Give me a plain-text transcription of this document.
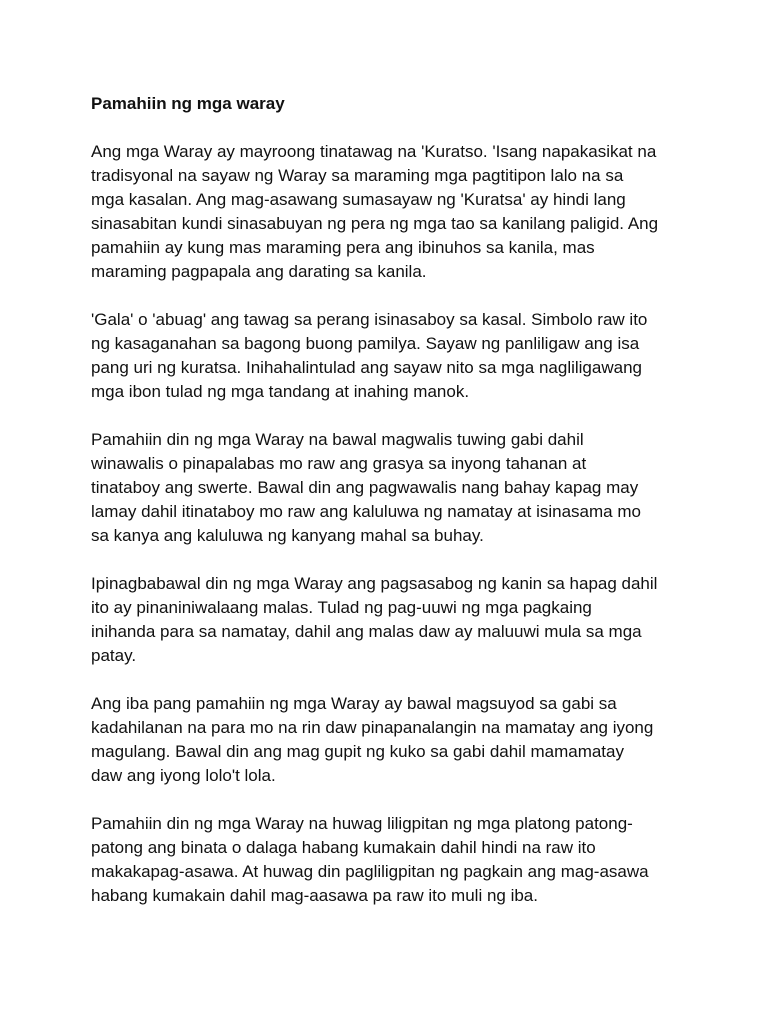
Pamahiin ng mga waray
Ang mga Waray ay mayroong tinatawag na 'Kuratso. 'Isang napakasikat na
tradisyonal na sayaw ng Waray sa maraming mga pagtitipon lalo na sa
mga kasalan. Ang mag-asawang sumasayaw ng 'Kuratsa' ay hindi lang
sinasabitan kundi sinasabuyan ng pera ng mga tao sa kanilang paligid. Ang
pamahiin ay kung mas maraming pera ang ibinuhos sa kanila, mas
maraming pagpapala ang darating sa kanila.
'Gala' o 'abuag' ang tawag sa perang isinasaboy sa kasal. Simbolo raw ito
ng kasaganahan sa bagong buong pamilya. Sayaw ng panliligaw ang isa
pang uri ng kuratsa. Inihahalintulad ang sayaw nito sa mga nagliligawang
mga ibon tulad ng mga tandang at inahing manok.
Pamahiin din ng mga Waray na bawal magwalis tuwing gabi dahil
winawalis o pinapalabas mo raw ang grasya sa inyong tahanan at
tinataboy ang swerte. Bawal din ang pagwawalis nang bahay kapag may
lamay dahil itinataboy mo raw ang kaluluwa ng namatay at isinasama mo
sa kanya ang kaluluwa ng kanyang mahal sa buhay.
Ipinagbabawal din ng mga Waray ang pagsasabog ng kanin sa hapag dahil
ito ay pinaniniwalaang malas. Tulad ng pag-uuwi ng mga pagkaing
inihanda para sa namatay, dahil ang malas daw ay maluuwi mula sa mga
patay.
Ang iba pang pamahiin ng mga Waray ay bawal magsuyod sa gabi sa
kadahilanan na para mo na rin daw pinapanalangin na mamatay ang iyong
magulang. Bawal din ang mag gupit ng kuko sa gabi dahil mamamatay
daw ang iyong lolo't lola.
Pamahiin din ng mga Waray na huwag liligpitan ng mga platong patong-
patong ang binata o dalaga habang kumakain dahil hindi na raw ito
makakapag-asawa. At huwag din pagliligpitan ng pagkain ang mag-asawa
habang kumakain dahil mag-aasawa pa raw ito muli ng iba.
